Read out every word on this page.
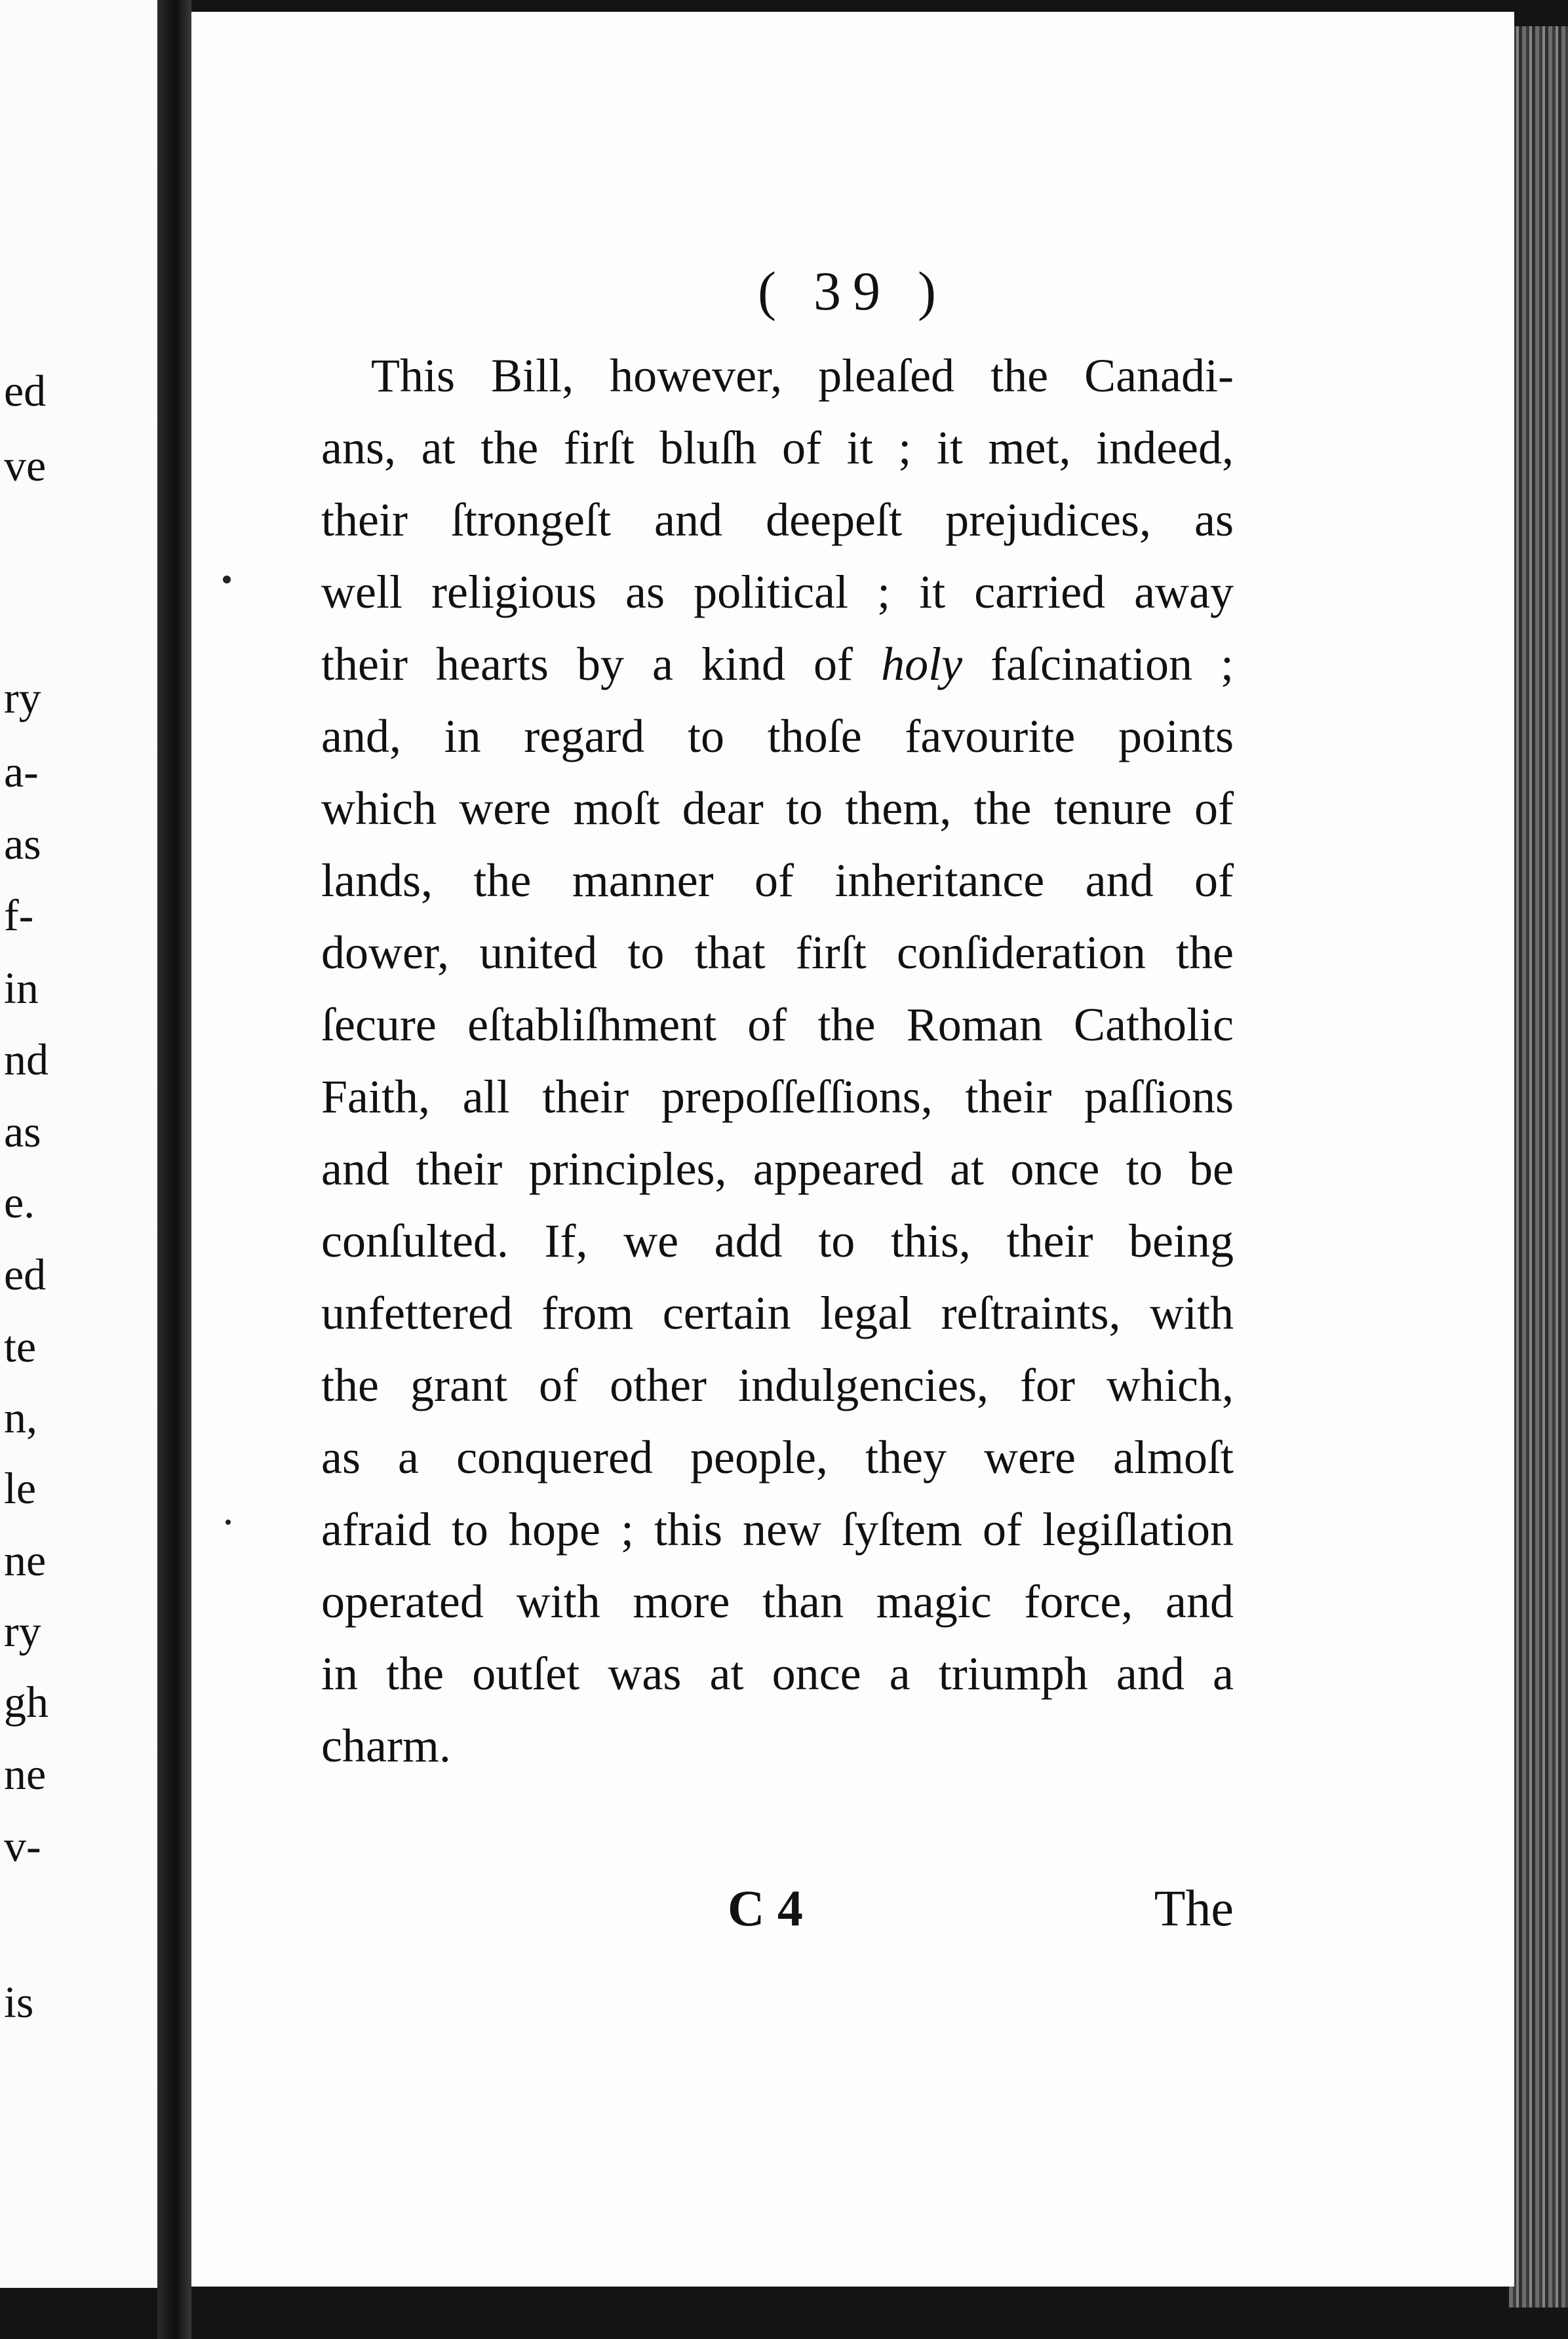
ed
ve
ry
a-
as
f-
in
nd
as
e.
ed
te
n,
le
ne
ry
gh
ne
v-
is
( 39 )
This Bill, however, pleaſed the Canadi-
ans, at the firſt bluſh of it ; it met, indeed,
their ſtrongeſt and deepeſt prejudices, as
well religious as political ; it carried away
their hearts by a kind of holy faſcination ;
and, in regard to thoſe favourite points
which were moſt dear to them, the tenure of
lands, the manner of inheritance and of
dower, united to that firſt conſideration the
ſecure eſtabliſhment of the Roman Catholic
Faith, all their prepoſſeſſions, their paſſions
and their principles, appeared at once to be
conſulted. If, we add to this, their being
unfettered from certain legal reſtraints, with
the grant of other indulgencies, for which,
as a conquered people, they were almoſt
afraid to hope ; this new ſyſtem of legiſlation
operated with more than magic force, and
in the outſet was at once a triumph and a
charm.
C 4	The
